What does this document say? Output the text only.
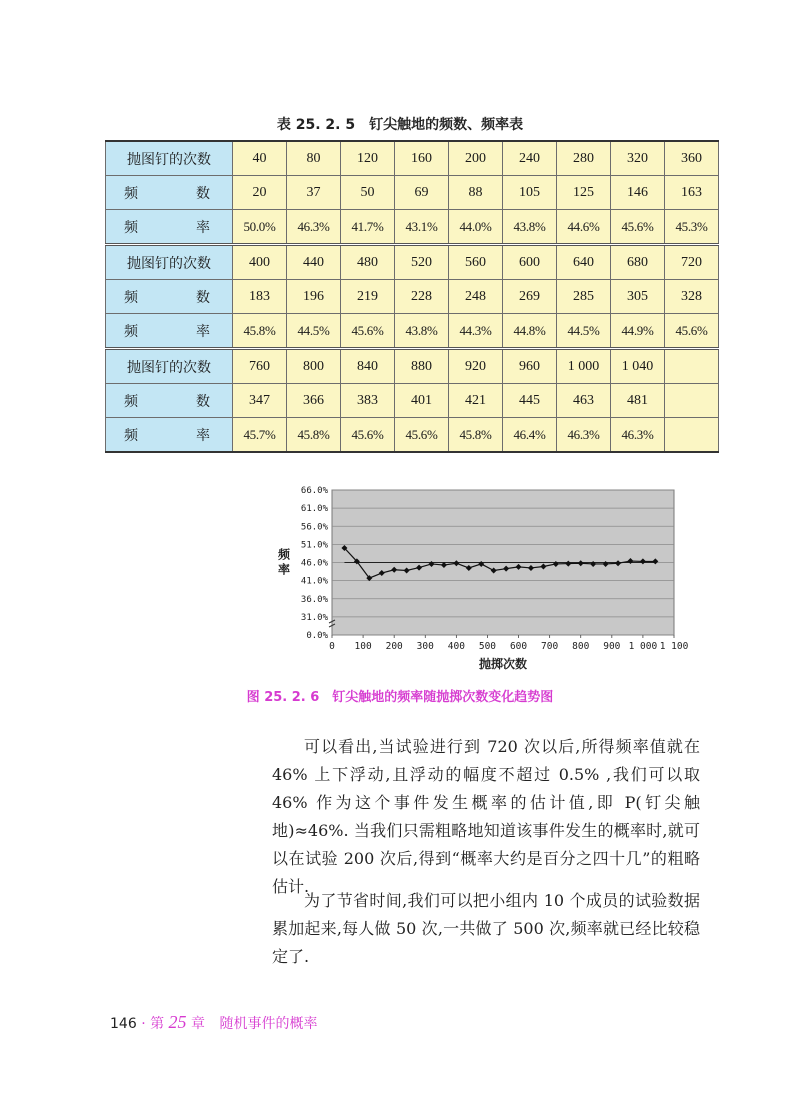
表 25. 2. 5　钉尖触地的频数、频率表
抛图钉的次数	40	80	120	160	200	240	280	320	360
频　数	20	37	50	69	88	105	125	146	163
频　率	50.0%	46.3%	41.7%	43.1%	44.0%	43.8%	44.6%	45.6%	45.3%
抛图钉的次数	400	440	480	520	560	600	640	680	720
频　数	183	196	219	228	248	269	285	305	328
频　率	45.8%	44.5%	45.6%	43.8%	44.3%	44.8%	44.5%	44.9%	45.6%
抛图钉的次数	760	800	840	880	920	960	1 000	1 040	
频　数	347	366	383	401	421	445	463	481	
频　率	45.7%	45.8%	45.6%	45.6%	45.8%	46.4%	46.3%	46.3%	
0.0%
31.0%
36.0%
41.0%
46.0%
51.0%
56.0%
61.0%
66.0%
0 100 200 300 400 500 600 700 800 900 1 000 1 100
抛掷次数
频
率
图 25. 2. 6　钉尖触地的频率随抛掷次数变化趋势图

可以看出,当试验进行到 720 次以后,所得频率值就在 46% 上下浮动,且浮动的幅度不超过 0.5% ,我们可以取 46% 作为这个事件发生概率的估计值,即 P(钉尖触地)≈46%. 当我们只需粗略地知道该事件发生的概率时,就可以在试验 200 次后,得到“概率大约是百分之四十几”的粗略估计.

为了节省时间,我们可以把小组内 10 个成员的试验数据累加起来,每人做 50 次,一共做了 500 次,频率就已经比较稳定了.

146 · 第 25 章 随机事件的概率
